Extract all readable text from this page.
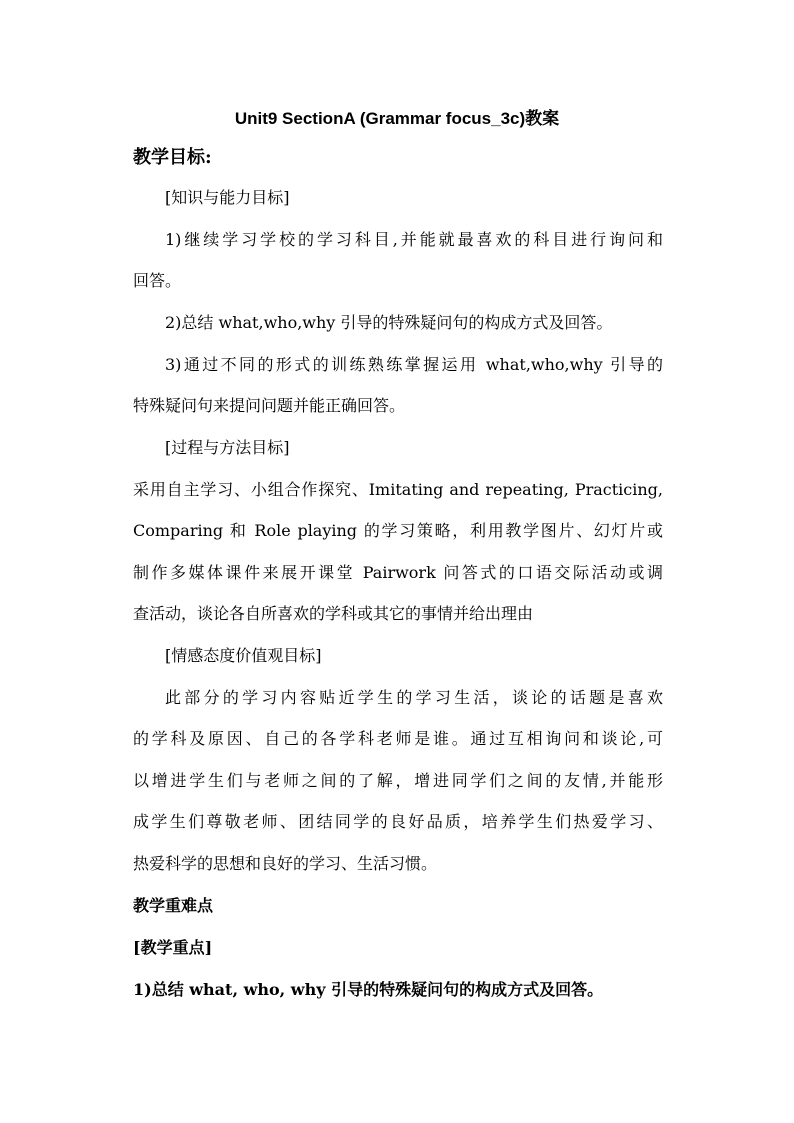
Unit9 SectionA (Grammar focus_3c)教案
教学目标:
[知识与能力目标]
1)继续学习学校的学习科目,并能就最喜欢的科目进行询问和
回答。
2)总结 what,who,why 引导的特殊疑问句的构成方式及回答。
3)通过不同的形式的训练熟练掌握运用 what,who,why 引导的
特殊疑问句来提问问题并能正确回答。
[过程与方法目标]
采用自主学习、小组合作探究、Imitating and repeating, Practicing,
Comparing 和 Role playing 的学习策略，利用教学图片、幻灯片或
制作多媒体课件来展开课堂 Pairwork 问答式的口语交际活动或调
查活动，谈论各自所喜欢的学科或其它的事情并给出理由
[情感态度价值观目标]
此部分的学习内容贴近学生的学习生活，谈论的话题是喜欢
的学科及原因、自己的各学科老师是谁。通过互相询问和谈论,可
以增进学生们与老师之间的了解，增进同学们之间的友情,并能形
成学生们尊敬老师、团结同学的良好品质，培养学生们热爱学习、
热爱科学的思想和良好的学习、生活习惯。
教学重难点
[教学重点]
1)总结 what, who, why 引导的特殊疑问句的构成方式及回答。
